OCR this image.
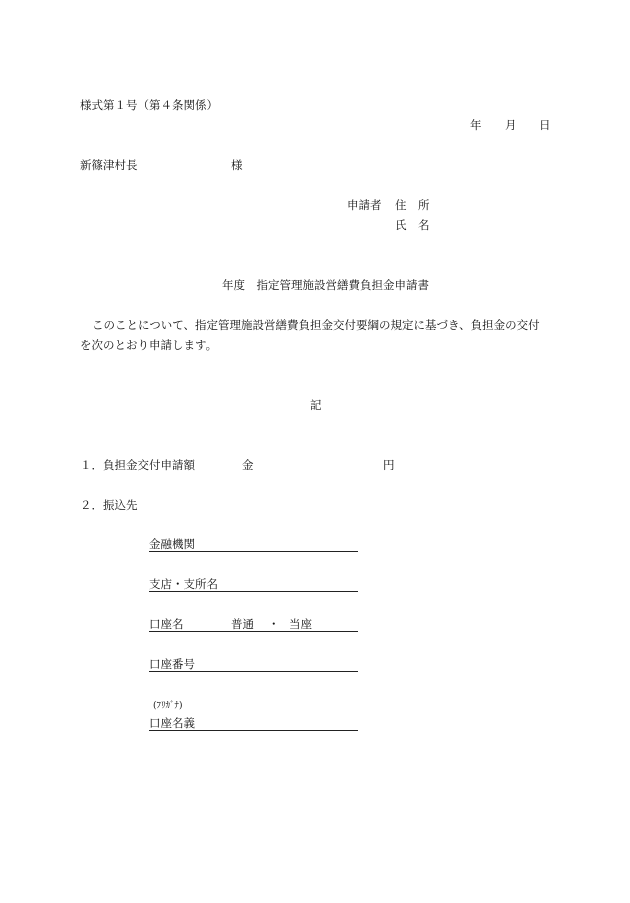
様式第１号（第４条関係）
年 月 日
新篠津村長	様
申請者 住　所
氏　名
年度　指定管理施設営繕費負担金申請書
このことについて、指定管理施設営繕費負担金交付要綱の規定に基づき、負担金の交付
を次のとおり申請します。
記
１．負担金交付申請額	金	円
２．振込先
金融機関
支店・支所名
口座名	普通 ・ 当座
口座番号
(ﾌﾘｶﾞﾅ)
口座名義
